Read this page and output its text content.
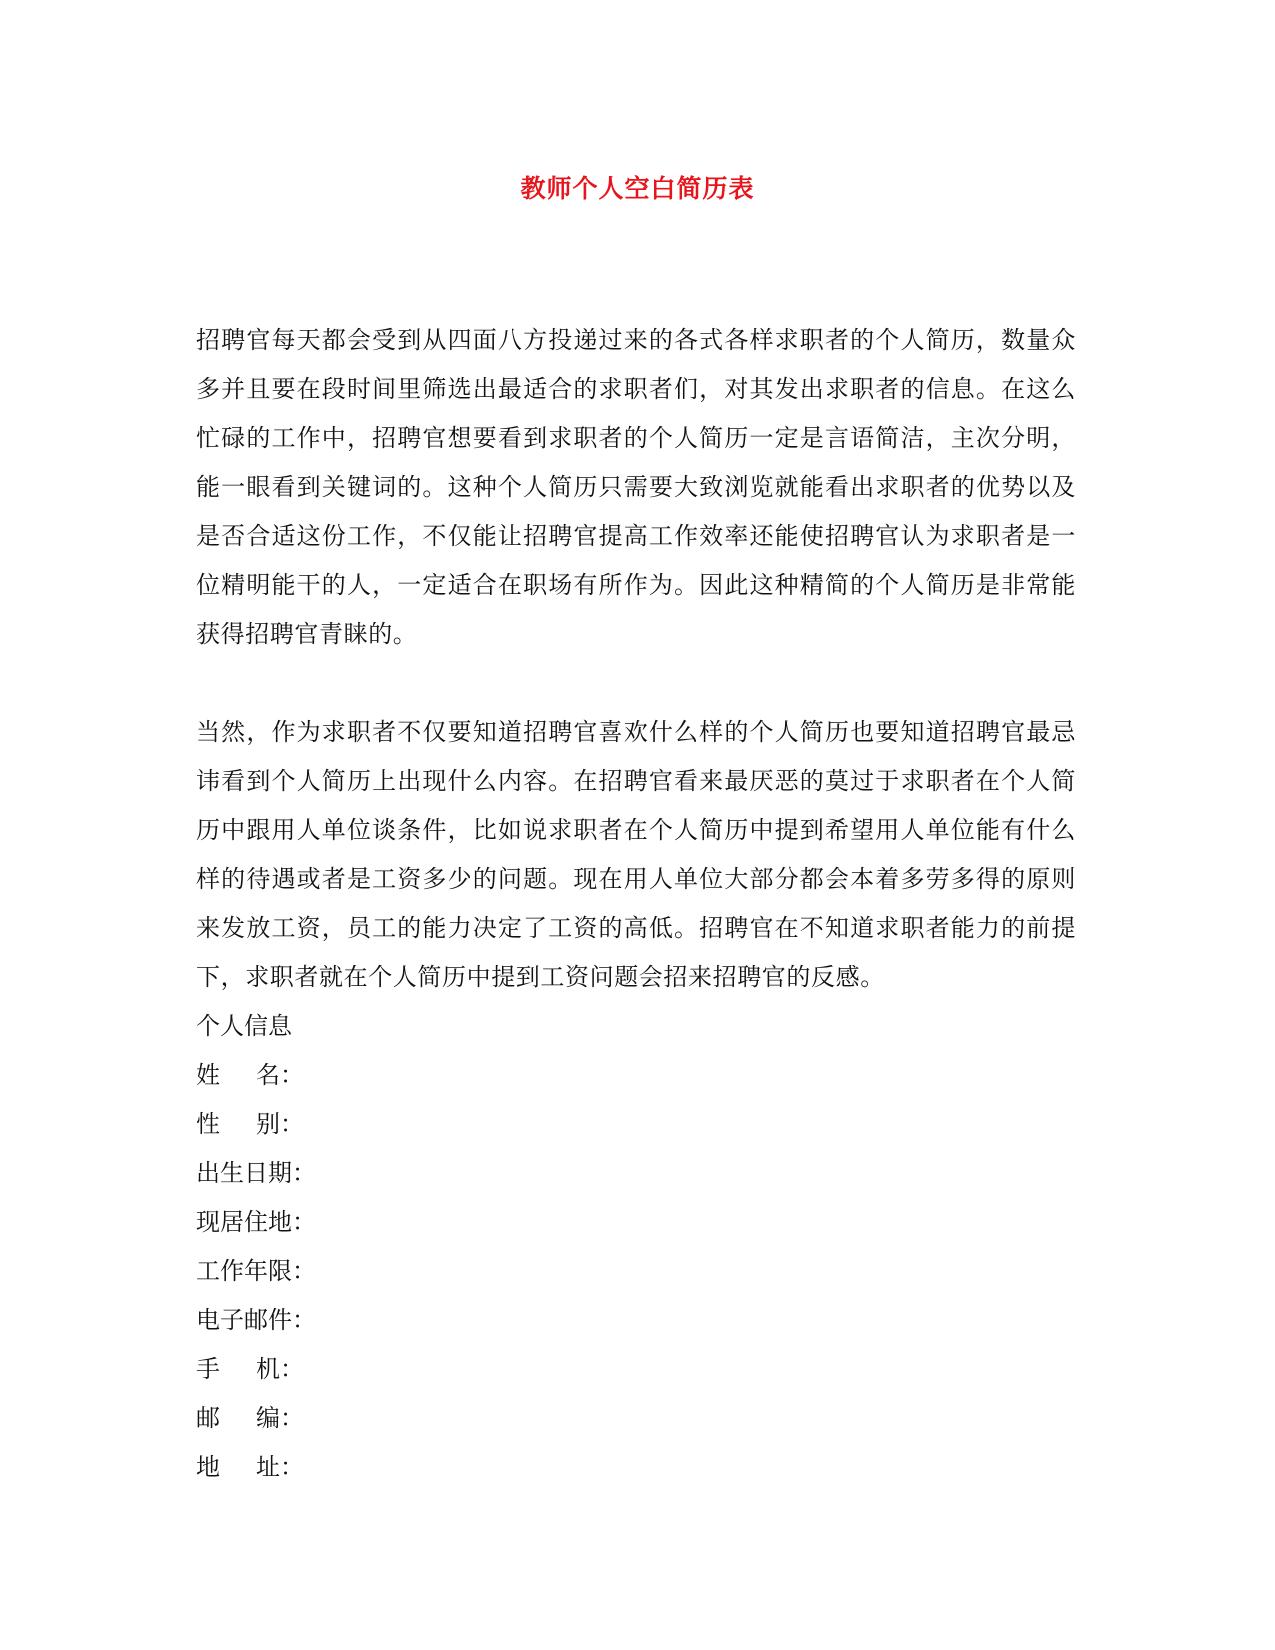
教师个人空白简历表

招聘官每天都会受到从四面八方投递过来的各式各样求职者的个人简历，数量众多并且要在段时间里筛选出最适合的求职者们，对其发出求职者的信息。在这么忙碌的工作中，招聘官想要看到求职者的个人简历一定是言语简洁，主次分明，能一眼看到关键词的。这种个人简历只需要大致浏览就能看出求职者的优势以及是否合适这份工作，不仅能让招聘官提高工作效率还能使招聘官认为求职者是一位精明能干的人，一定适合在职场有所作为。因此这种精简的个人简历是非常能获得招聘官青睐的。

当然，作为求职者不仅要知道招聘官喜欢什么样的个人简历也要知道招聘官最忌讳看到个人简历上出现什么内容。在招聘官看来最厌恶的莫过于求职者在个人简历中跟用人单位谈条件，比如说求职者在个人简历中提到希望用人单位能有什么样的待遇或者是工资多少的问题。现在用人单位大部分都会本着多劳多得的原则来发放工资，员工的能力决定了工资的高低。招聘官在不知道求职者能力的前提下，求职者就在个人简历中提到工资问题会招来招聘官的反感。

个人信息

姓 名：

性 别：

出生日期：

现居住地：

工作年限：

电子邮件：

手 机：

邮 编：

地 址：
